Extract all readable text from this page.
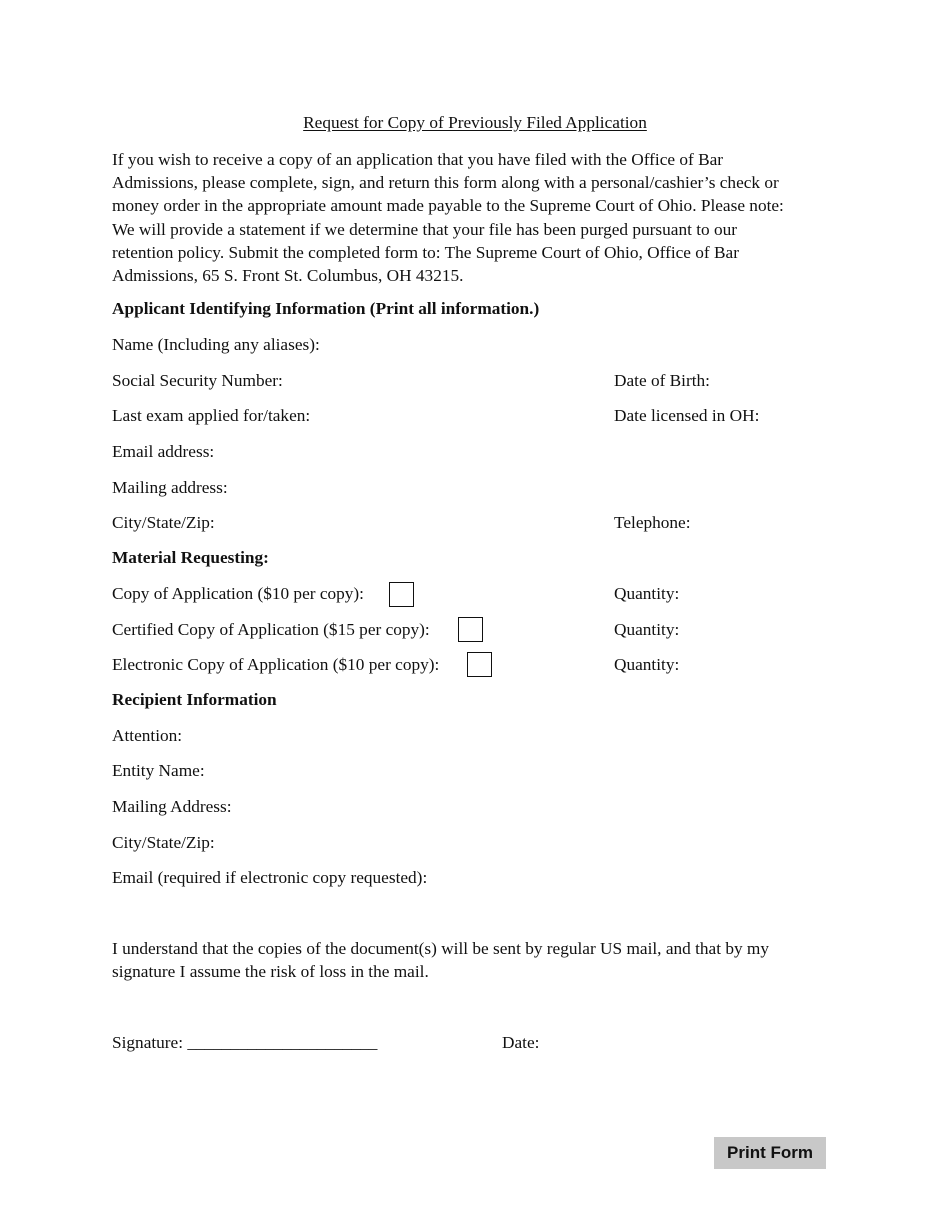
Request for Copy of Previously Filed Application
If you wish to receive a copy of an application that you have filed with the Office of Bar
Admissions, please complete, sign, and return this form along with a personal/cashier’s check or
money order in the appropriate amount made payable to the Supreme Court of Ohio. Please note:
We will provide a statement if we determine that your file has been purged pursuant to our
retention policy. Submit the completed form to: The Supreme Court of Ohio, Office of Bar
Admissions, 65 S. Front St. Columbus, OH 43215.
Applicant Identifying Information (Print all information.)
Name (Including any aliases):
Social Security Number:	Date of Birth:
Last exam applied for/taken:	Date licensed in OH:
Email address:
Mailing address:
City/State/Zip:	Telephone:
Material Requesting:
Copy of Application ($10 per copy):	Quantity:
Certified Copy of Application ($15 per copy):	Quantity:
Electronic Copy of Application ($10 per copy):	Quantity:
Recipient Information
Attention:
Entity Name:
Mailing Address:
City/State/Zip:
Email (required if electronic copy requested):
I understand that the copies of the document(s) will be sent by regular US mail, and that by my
signature I assume the risk of loss in the mail.
Signature: ______________________	Date:
Print Form
